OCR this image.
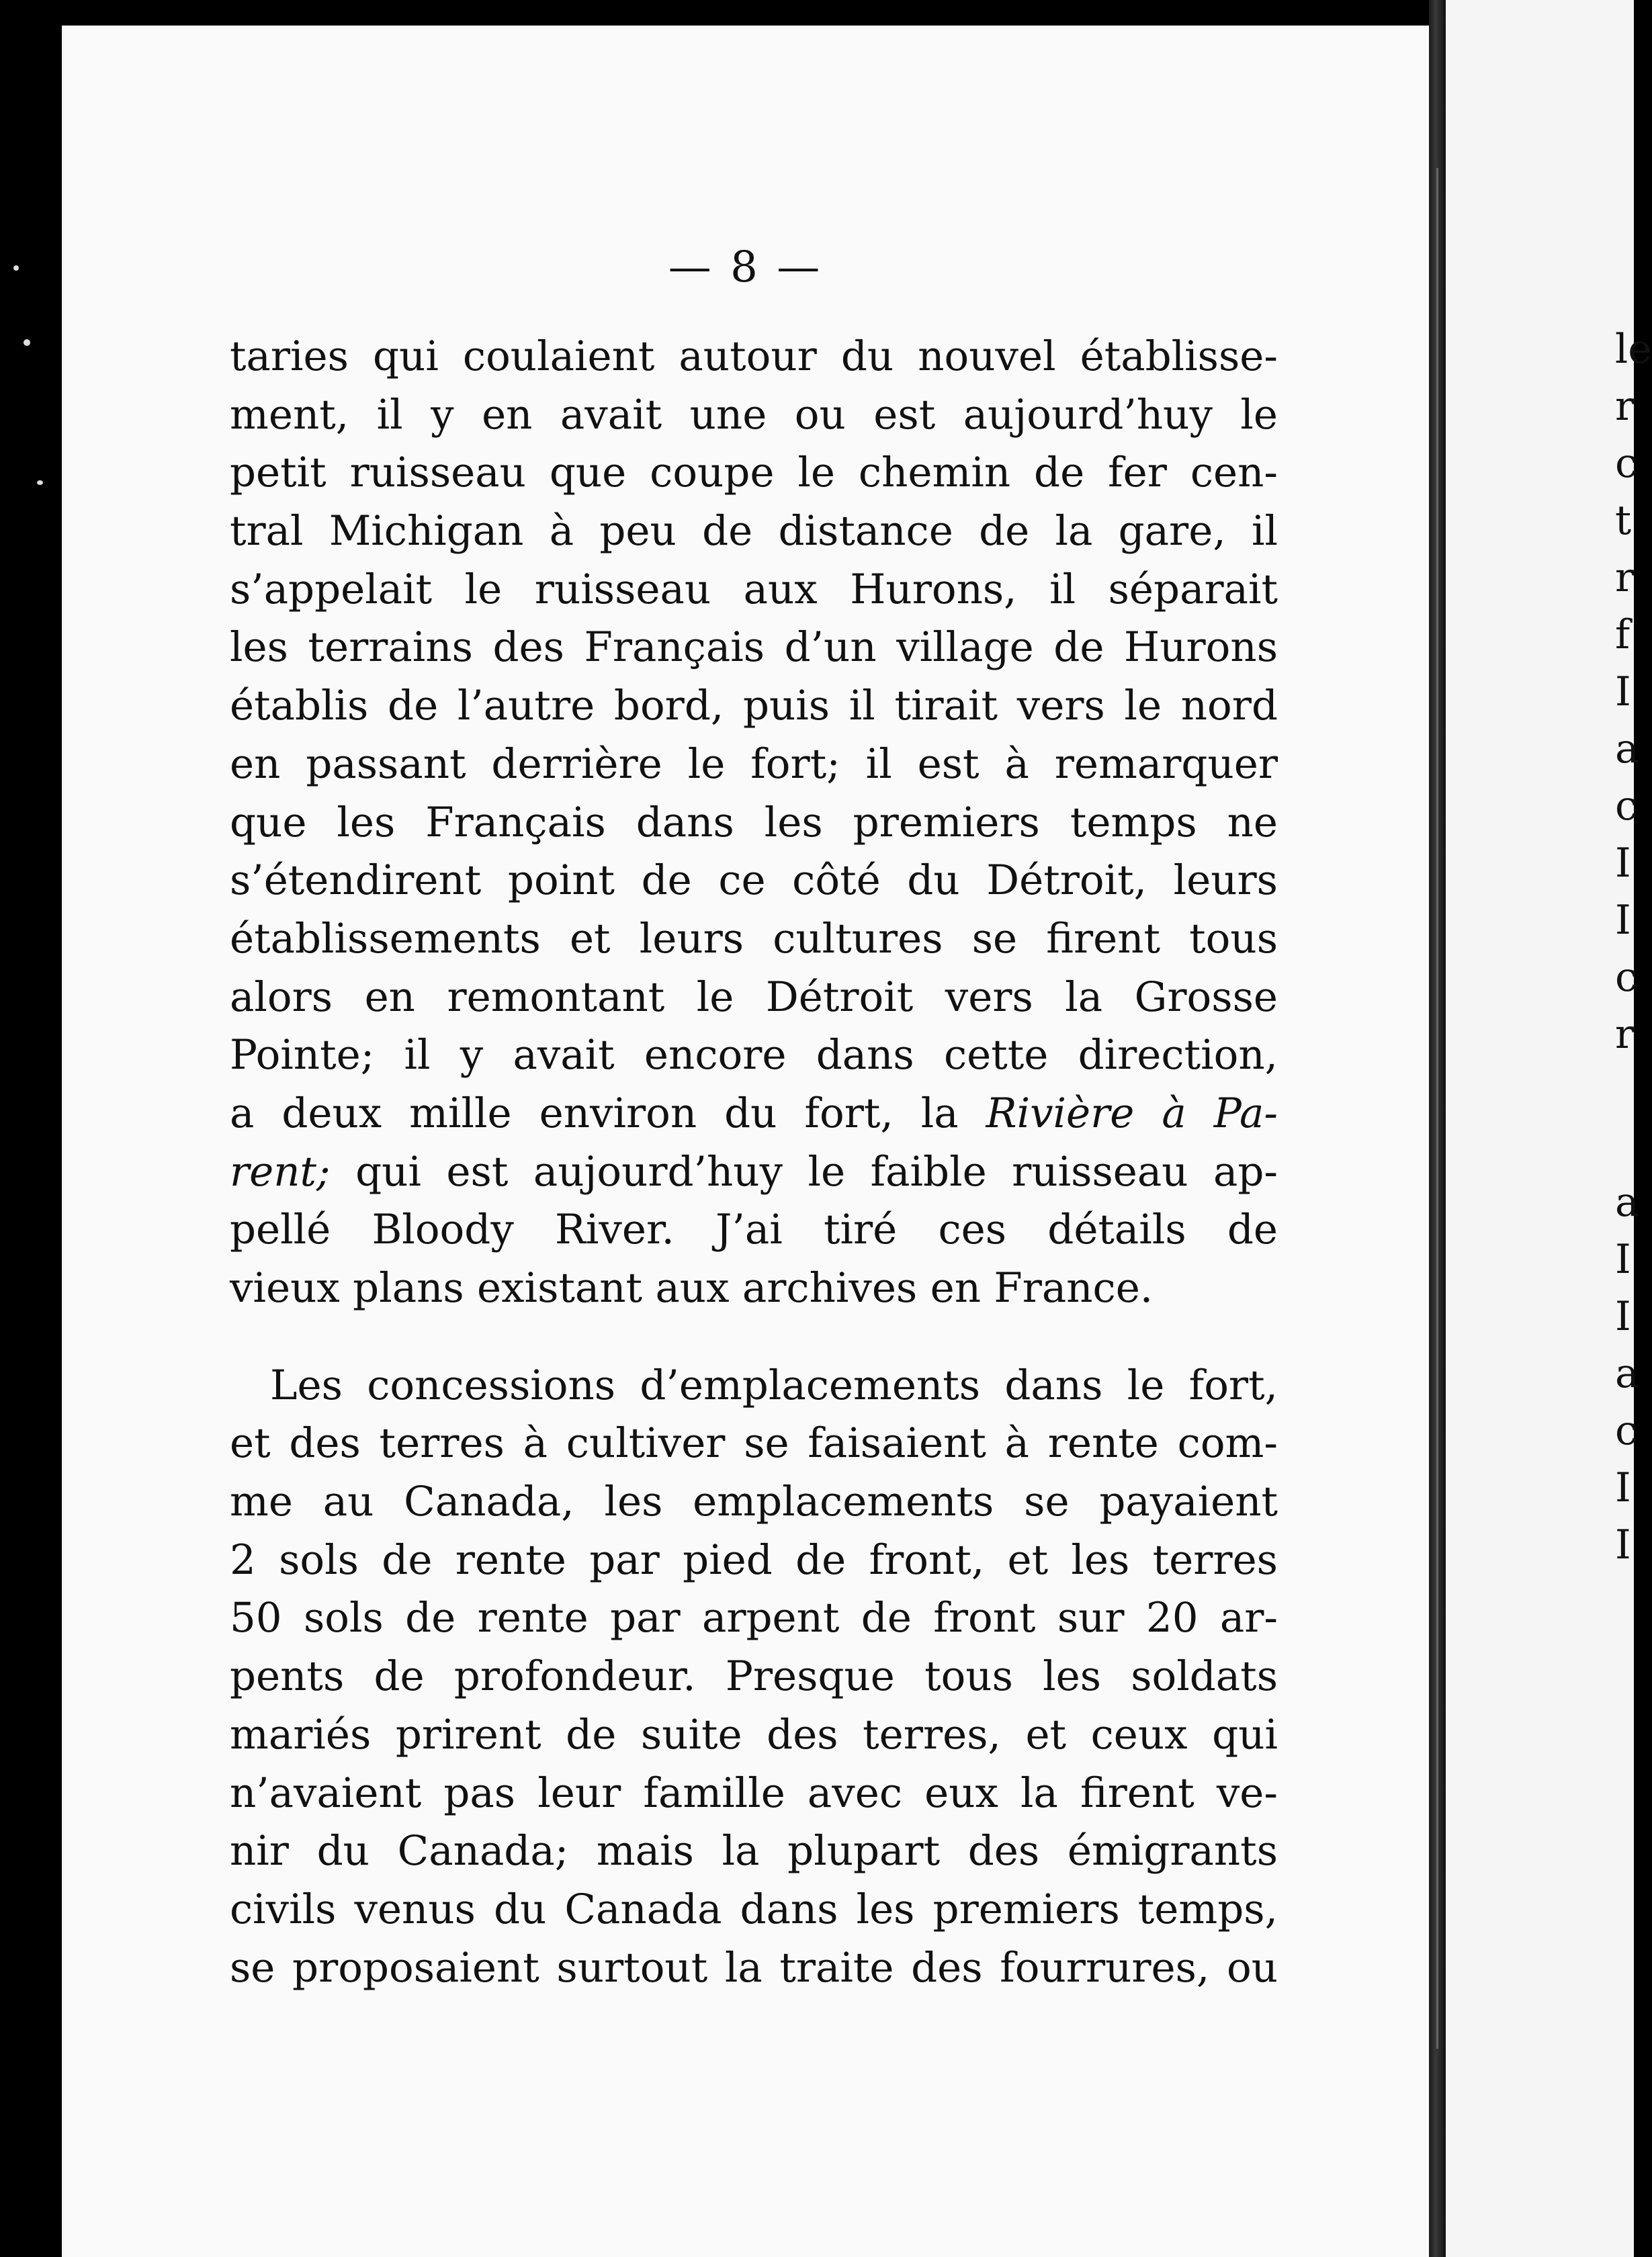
— 8 —
taries qui coulaient autour du nouvel établisse-
ment, il y en avait une ou est aujourd’huy le
petit ruisseau que coupe le chemin de fer cen-
tral Michigan à peu de distance de la gare, il
s’appelait le ruisseau aux Hurons, il séparait
les terrains des Français d’un village de Hurons
établis de l’autre bord, puis il tirait vers le nord
en passant derrière le fort; il est à remarquer
que les Français dans les premiers temps ne
s’étendirent point de ce côté du Détroit, leurs
établissements et leurs cultures se firent tous
alors en remontant le Détroit vers la Grosse
Pointe; il y avait encore dans cette direction,
a deux mille environ du fort, la Rivière à Pa-
rent; qui est aujourd’huy le faible ruisseau ap-
pellé Bloody River. J’ai tiré ces détails de
vieux plans existant aux archives en France.
Les concessions d’emplacements dans le fort,
et des terres à cultiver se faisaient à rente com-
me au Canada, les emplacements se payaient
2 sols de rente par pied de front, et les terres
50 sols de rente par arpent de front sur 20 ar-
pents de profondeur. Presque tous les soldats
mariés prirent de suite des terres, et ceux qui
n’avaient pas leur famille avec eux la firent ve-
nir du Canada; mais la plupart des émigrants
civils venus du Canada dans les premiers temps,
se proposaient surtout la traite des fourrures, ou
le
r
c
t
r
f
I
a
c
I
I
c
r
a
I
I
a
c
I
I
